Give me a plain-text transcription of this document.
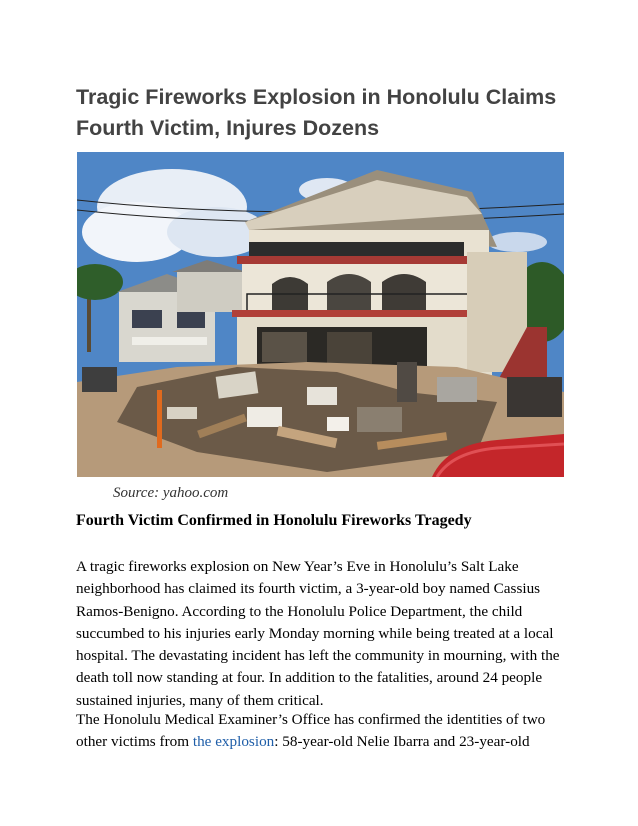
Tragic Fireworks Explosion in Honolulu Claims Fourth Victim, Injures Dozens
Source: yahoo.com
Fourth Victim Confirmed in Honolulu Fireworks Tragedy

A tragic fireworks explosion on New Year’s Eve in Honolulu’s Salt Lake neighborhood has claimed its fourth victim, a 3-year-old boy named Cassius Ramos-Benigno. According to the Honolulu Police Department, the child succumbed to his injuries early Monday morning while being treated at a local hospital. The devastating incident has left the community in mourning, with the death toll now standing at four. In addition to the fatalities, around 24 people sustained injuries, many of them critical.

The Honolulu Medical Examiner’s Office has confirmed the identities of two other victims from the explosion: 58-year-old Nelie Ibarra and 23-year-old
